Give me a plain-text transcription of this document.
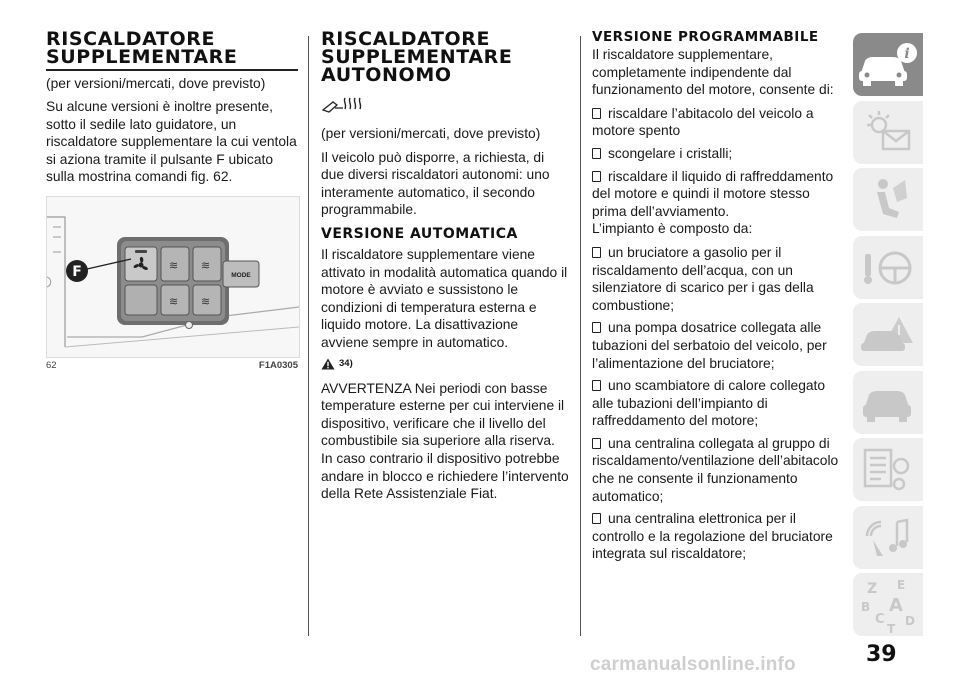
RISCALDATORE SUPPLEMENTARE

(per versioni/mercati, dove previsto)

Su alcune versioni è inoltre presente, sotto il sedile lato guidatore, un riscaldatore supplementare la cui ventola si aziona tramite il pulsante F ubicato sulla mostrina comandi fig. 62.

≋ ≋
≋ ≋
MODE
F
62	F1A0305
RISCALDATORE SUPPLEMENTARE AUTONOMO

(per versioni/mercati, dove previsto)

Il veicolo può disporre, a richiesta, di due diversi riscaldatori autonomi: uno interamente automatico, il secondo programmabile.

VERSIONE AUTOMATICA

Il riscaldatore supplementare viene attivato in modalità automatica quando il motore è avviato e sussistono le condizioni di temperatura esterna e liquido motore. La disattivazione avviene sempre in automatico.

34)

AVVERTENZA Nei periodi con basse temperature esterne per cui interviene il dispositivo, verificare che il livello del combustibile sia superiore alla riserva. In caso contrario il dispositivo potrebbe andare in blocco e richiedere l’intervento della Rete Assistenziale Fiat.

VERSIONE PROGRAMMABILE

Il riscaldatore supplementare, completamente indipendente dal funzionamento del motore, consente di:

riscaldare l’abitacolo del veicolo a motore spento
scongelare i cristalli;
riscaldare il liquido di raffreddamento del motore e quindi il motore stesso prima dell’avviamento.

L’impianto è composto da:

un bruciatore a gasolio per il riscaldamento dell’acqua, con un silenziatore di scarico per i gas della combustione;
una pompa dosatrice collegata alle tubazioni del serbatoio del veicolo, per l’alimentazione del bruciatore;
uno scambiatore di calore collegato alle tubazioni dell’impianto di raffreddamento del motore;
una centralina collegata al gruppo di riscaldamento/ventilazione dell’abitacolo che ne consente il funzionamento automatico;
una centralina elettronica per il controllo e la regolazione del bruciatore integrata sul riscaldatore;
i
Z E
B A
C
T
D
carmanualsonline.info	39
